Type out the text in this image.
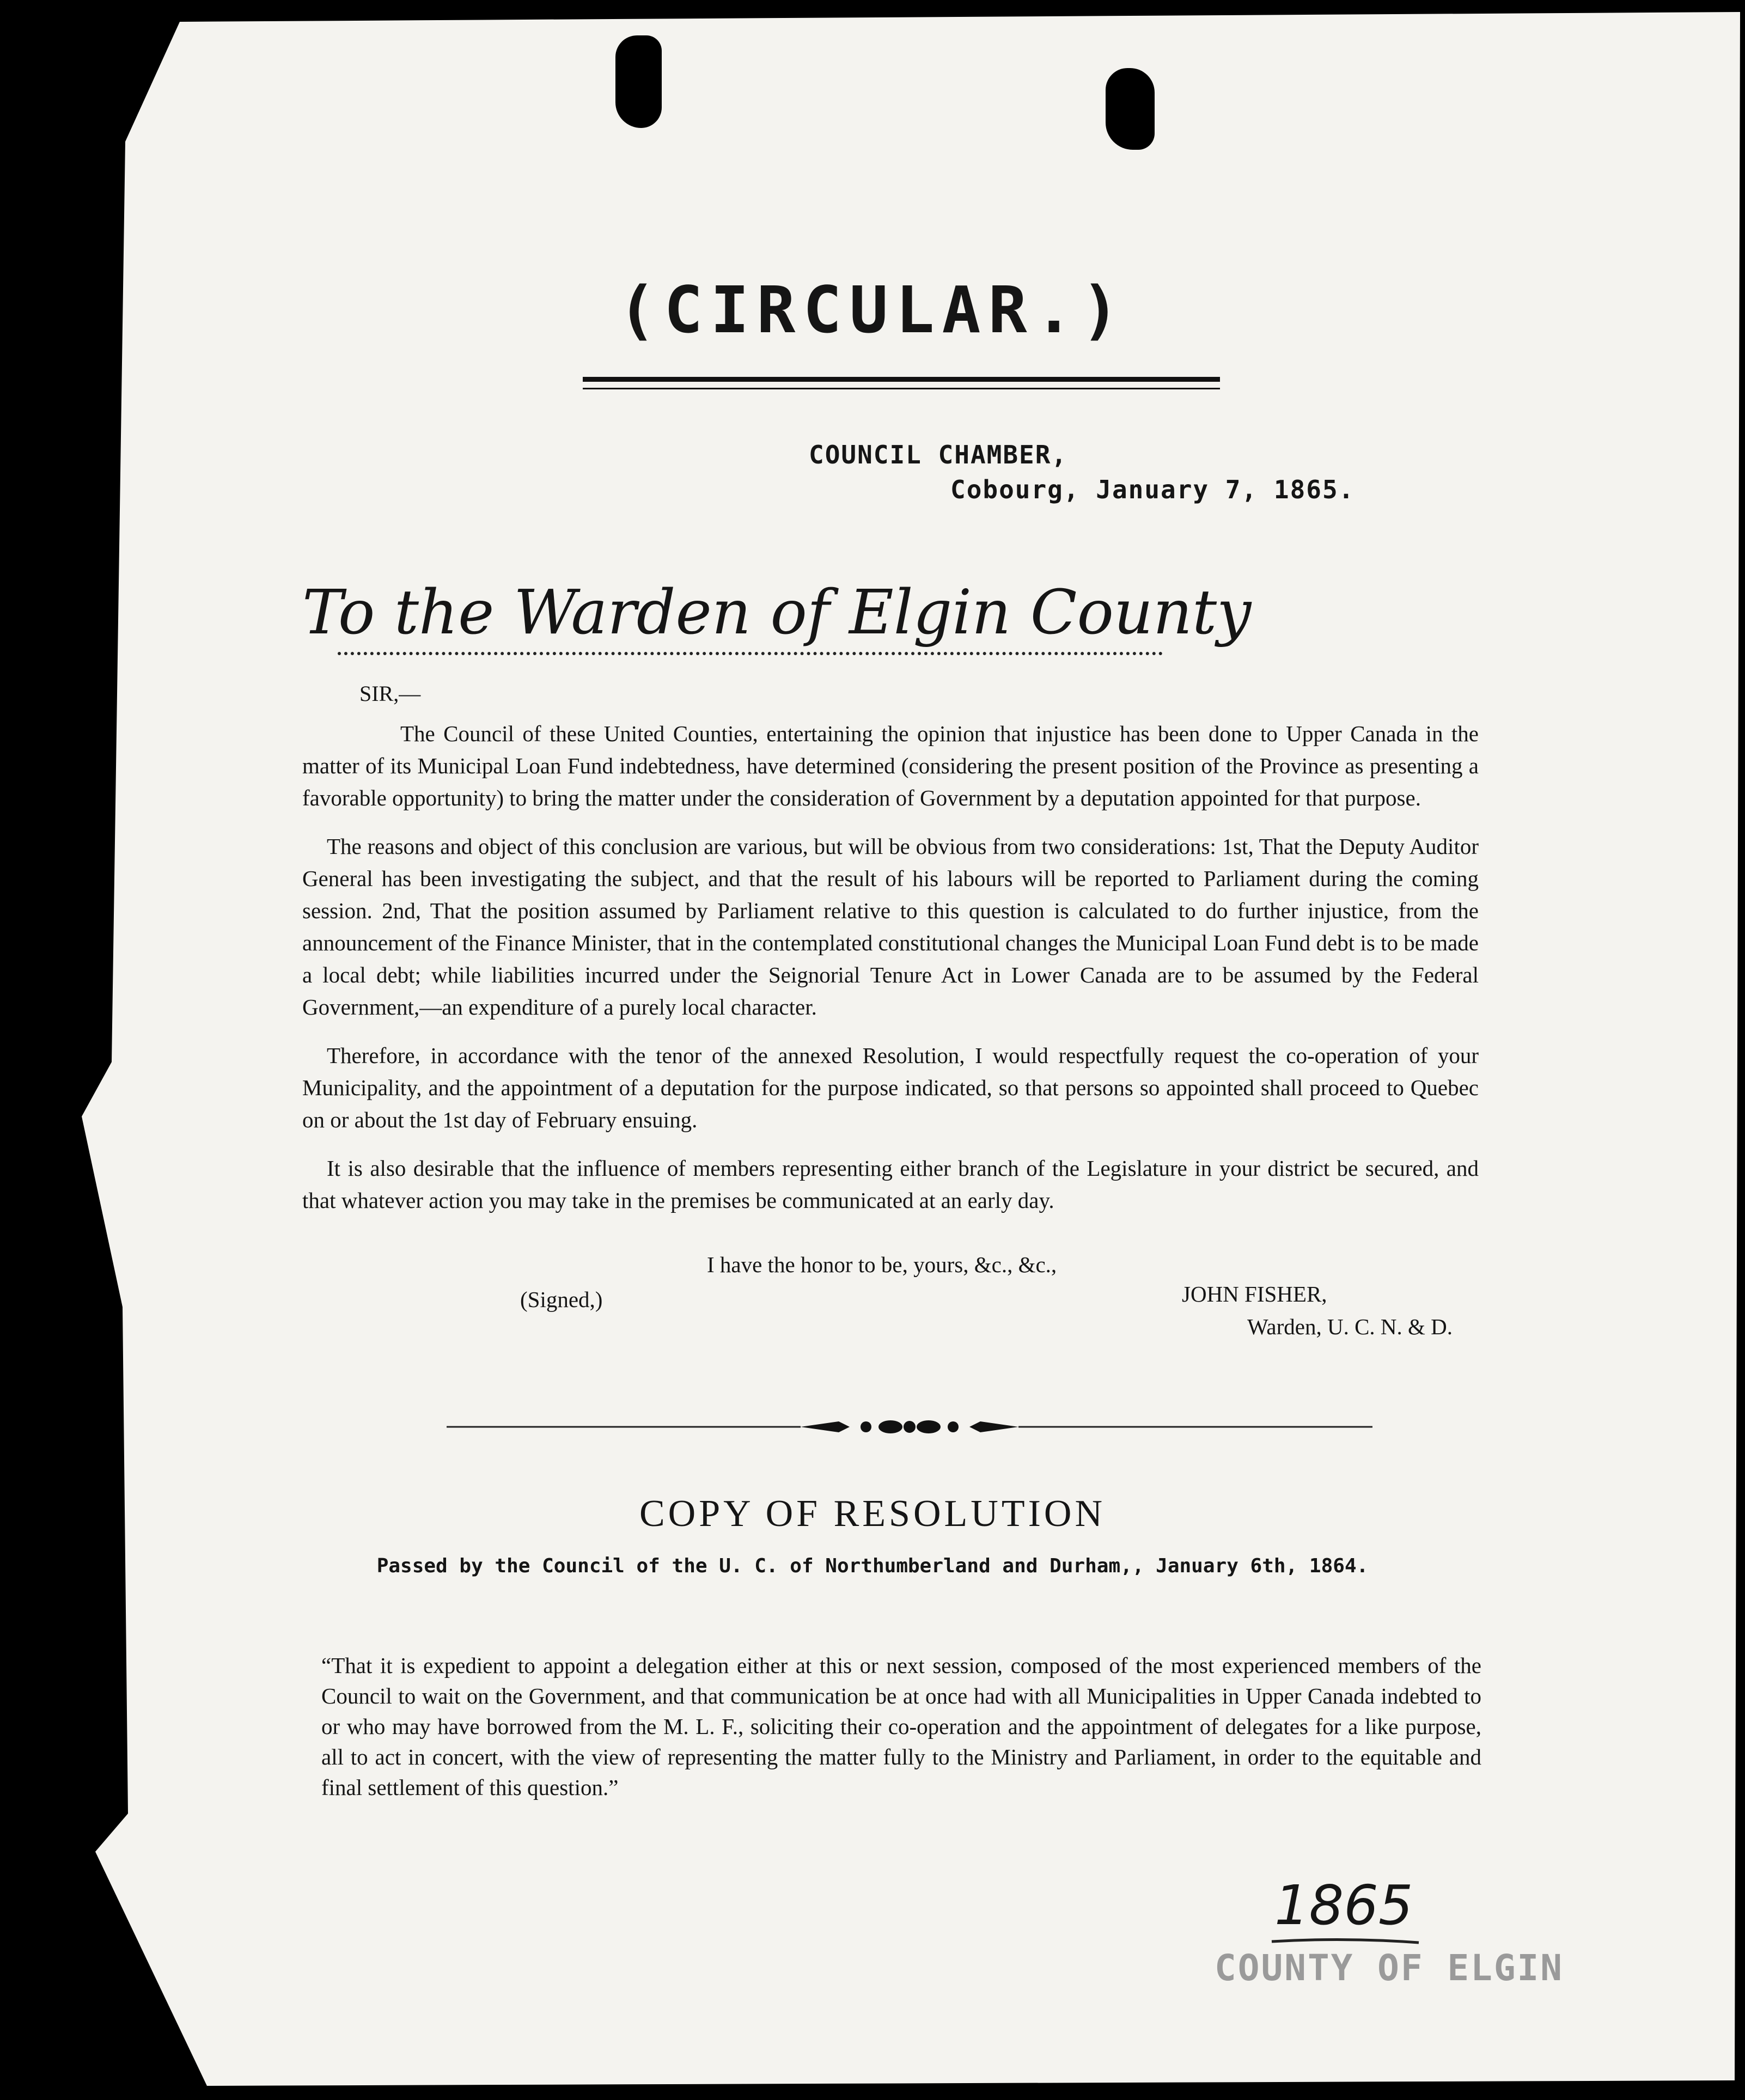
(CIRCULAR.)
COUNCIL CHAMBER,
Cobourg, January 7, 1865.
To the Warden of Elgin County
SIR,—

The Council of these United Counties, entertaining the opinion that injustice has been done to Upper Canada in the matter of its Municipal Loan Fund indebtedness, have determined (considering the present position of the Province as presenting a favorable opportunity) to bring the matter under the consideration of Government by a deputation appointed for that purpose.

The reasons and object of this conclusion are various, but will be obvious from two considerations: 1st, That the Deputy Auditor General has been investigating the subject, and that the result of his labours will be reported to Parliament during the coming session. 2nd, That the position assumed by Parliament relative to this question is calculated to do further injustice, from the announcement of the Finance Minister, that in the contemplated constitutional changes the Municipal Loan Fund debt is to be made a local debt; while liabilities incurred under the Seignorial Tenure Act in Lower Canada are to be assumed by the Federal Government,—an expenditure of a purely local character.

Therefore, in accordance with the tenor of the annexed Resolution, I would respectfully request the co-operation of your Municipality, and the appointment of a deputation for the purpose indicated, so that persons so appointed shall proceed to Quebec on or about the 1st day of February ensuing.

It is also desirable that the influence of members representing either branch of the Legislature in your district be secured, and that whatever action you may take in the premises be communicated at an early day.

I have the honor to be, yours, &c., &c.,
(Signed,)	JOHN FISHER,
Warden, U. C. N. & D.
COPY OF RESOLUTION
Passed by the Council of the U. C. of Northumberland and Durham,, January 6th, 1864.
“That it is expedient to appoint a delegation either at this or next session, composed of the most experienced members of the Council to wait on the Government, and that communication be at once had with all Municipalities in Upper Canada indebted to or who may have borrowed from the M. L. F., soliciting their co-operation and the appointment of delegates for a like purpose, all to act in concert, with the view of representing the matter fully to the Ministry and Parliament, in order to the equitable and final settlement of this question.”
1865
COUNTY OF ELGIN
